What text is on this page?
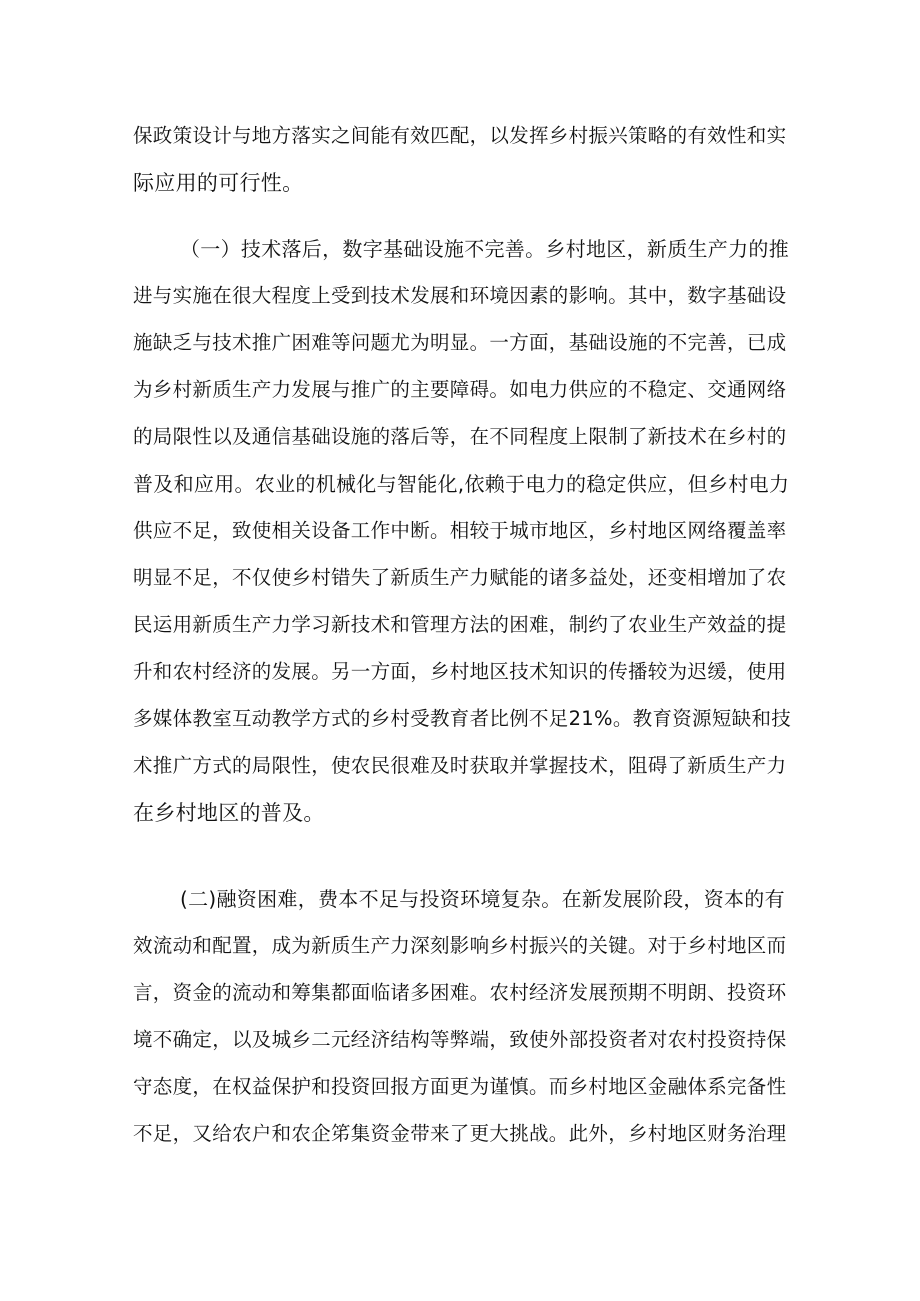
保政策设计与地方落实之间能有效匹配，以发挥乡村振兴策略的有效性和实
际应用的可行性。
（一）技术落后，数字基础设施不完善。乡村地区，新质生产力的推
进与实施在很大程度上受到技术发展和环境因素的影响。其中，数字基础设
施缺乏与技术推广困难等问题尤为明显。一方面，基础设施的不完善，已成
为乡村新质生产力发展与推广的主要障碍。如电力供应的不稳定、交通网络
的局限性以及通信基础设施的落后等，在不同程度上限制了新技术在乡村的
普及和应用。农业的机械化与智能化,依赖于电力的稳定供应，但乡村电力
供应不足，致使相关设备工作中断。相较于城市地区，乡村地区网络覆盖率
明显不足，不仅使乡村错失了新质生产力赋能的诸多益处，还变相增加了农
民运用新质生产力学习新技术和管理方法的困难，制约了农业生产效益的提
升和农村经济的发展。另一方面，乡村地区技术知识的传播较为迟缓，使用
多媒体教室互动教学方式的乡村受教育者比例不足21%。教育资源短缺和技
术推广方式的局限性，使农民很难及时获取并掌握技术，阻碍了新质生产力
在乡村地区的普及。
(二)融资困难，费本不足与投资环境复杂。在新发展阶段，资本的有
效流动和配置，成为新质生产力深刻影响乡村振兴的关键。对于乡村地区而
言，资金的流动和筹集都面临诸多困难。农村经济发展预期不明朗、投资环
境不确定，以及城乡二元经济结构等弊端，致使外部投资者对农村投资持保
守态度，在权益保护和投资回报方面更为谨慎。而乡村地区金融体系完备性
不足，又给农户和农企笫集资金带来了更大挑战。此外，乡村地区财务治理
